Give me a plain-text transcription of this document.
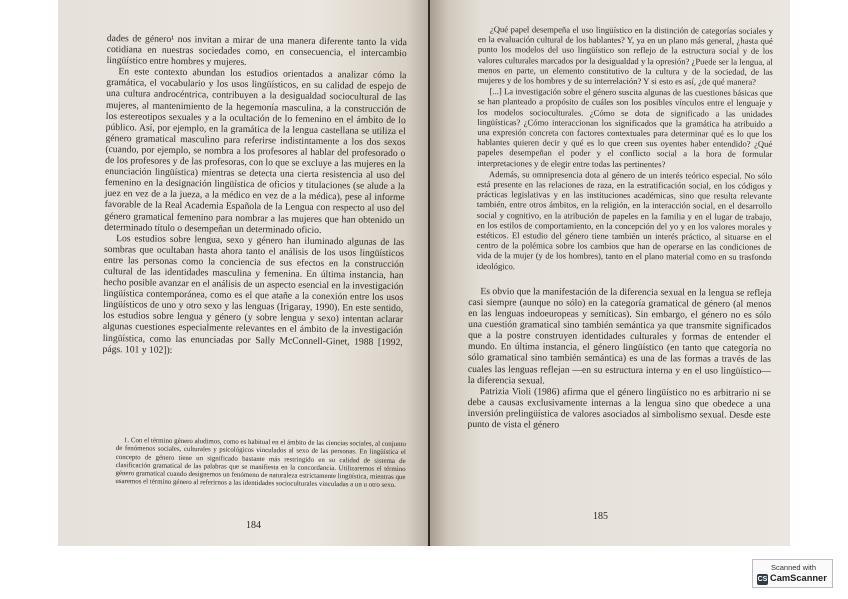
dades de género¹ nos invitan a mirar de una manera diferente tanto la vida cotidiana en nuestras sociedades como, en consecuencia, el intercambio lingüístico entre hombres y mujeres.

En este contexto abundan los estudios orientados a analizar cómo la gramática, el vocabulario y los usos lingüísticos, en su calidad de espejo de una cultura androcéntrica, contribuyen a la desigualdad sociocultural de las mujeres, al mantenimiento de la hegemonía masculina, a la construcción de los estereotipos sexuales y a la ocultación de lo femenino en el ámbito de lo público. Así, por ejemplo, en la gramática de la lengua castellana se utiliza el género gramatical masculino para referirse indistintamente a los dos sexos (cuando, por ejemplo, se nombra a los profesores al hablar del profesorado o de los profesores y de las profesoras, con lo que se excluye a las mujeres en la enunciación lingüística) mientras se detecta una cierta resistencia al uso del femenino en la designación lingüística de oficios y titulaciones (se alude a la juez en vez de a la jueza, a la médico en vez de a la médica), pese al informe favorable de la Real Academia Española de la Lengua con respecto al uso del género gramatical femenino para nombrar a las mujeres que han obtenido un determinado título o desempeñan un determinado oficio.

Los estudios sobre lengua, sexo y género han iluminado algunas de las sombras que ocultaban hasta ahora tanto el análisis de los usos lingüísticos entre las personas como la conciencia de sus efectos en la construcción cultural de las identidades masculina y femenina. En última instancia, han hecho posible avanzar en el análisis de un aspecto esencial en la investigación lingüística contemporánea, como es el que atañe a la conexión entre los usos lingüísticos de uno y otro sexo y las lenguas (Irigaray, 1990). En este sentido, los estudios sobre lengua y género (y sobre lengua y sexo) intentan aclarar algunas cuestiones especialmente relevantes en el ámbito de la investigación lingüística, como las enunciadas por Sally McConnell-Ginet, 1988 [1992, págs. 101 y 102]):

1. Con el término género aludimos, como es habitual en el ámbito de las ciencias sociales, al conjunto de fenómenos sociales, culturales y psicológicos vinculados al sexo de las personas. En lingüística el concepto de género tiene un significado bastante más restringido en su calidad de sistema de clasificación gramatical de las palabras que se manifiesta en la concordancia. Utilizaremos el término género gramatical cuando designemos un fenómeno de naturaleza estrictamente lingüística, mientras que usaremos el término género al referirnos a las identidades socioculturales vinculadas a un u otro sexo.

184

¿Qué papel desempeña el uso lingüístico en la distinción de categorías sociales y en la evaluación cultural de los hablantes? Y, ya en un plano más general, ¿hasta qué punto los modelos del uso lingüístico son reflejo de la estructura social y de los valores culturales marcados por la desigualdad y la opresión? ¿Puede ser la lengua, al menos en parte, un elemento constitutivo de la cultura y de la sociedad, de las mujeres y de los hombres y de su interrelación? Y si esto es así, ¿de qué manera?

[...] La investigación sobre el género suscita algunas de las cuestiones básicas que se han planteado a propósito de cuáles son los posibles vínculos entre el lenguaje y los modelos socioculturales. ¿Cómo se dota de significado a las unidades lingüísticas? ¿Cómo interaccionan los significados que la gramática ha atribuido a una expresión concreta con factores contextuales para determinar qué es lo que los hablantes quieren decir y qué es lo que creen sus oyentes haber entendido? ¿Qué papeles desempeñan el poder y el conflicto social a la hora de formular interpretaciones y de elegir entre todas las pertinentes?

Además, su omnipresencia dota al género de un interés teórico especial. No sólo está presente en las relaciones de raza, en la estratificación social, en los códigos y prácticas legislativas y en las instituciones académicas, sino que resulta relevante también, entre otros ámbitos, en la religión, en la interacción social, en el desarrollo social y cognitivo, en la atribución de papeles en la familia y en el lugar de trabajo, en los estilos de comportamiento, en la concepción del yo y en los valores morales y estéticos. El estudio del género tiene también un interés práctico, al situarse en el centro de la polémica sobre los cambios que han de operarse en las condiciones de vida de la mujer (y de los hombres), tanto en el plano material como en su trasfondo ideológico.

Es obvio que la manifestación de la diferencia sexual en la lengua se refleja casi siempre (aunque no sólo) en la categoría gramatical de género (al menos en las lenguas indoeuropeas y semíticas). Sin embargo, el género no es sólo una cuestión gramatical sino también semántica ya que transmite significados que a la postre construyen identidades culturales y formas de entender el mundo. En última instancia, el género lingüístico (en tanto que categoría no sólo gramatical sino también semántica) es una de las formas a través de las cuales las lenguas reflejan —en su estructura interna y en el uso lingüístico— la diferencia sexual.

Patrizia Violi (1986) afirma que el género lingüístico no es arbitrario ni se debe a causas exclusivamente internas a la lengua sino que obedece a una inversión prelingüística de valores asociados al simbolismo sexual. Desde este punto de vista el género

185
Scanned with
CS CamScanner
